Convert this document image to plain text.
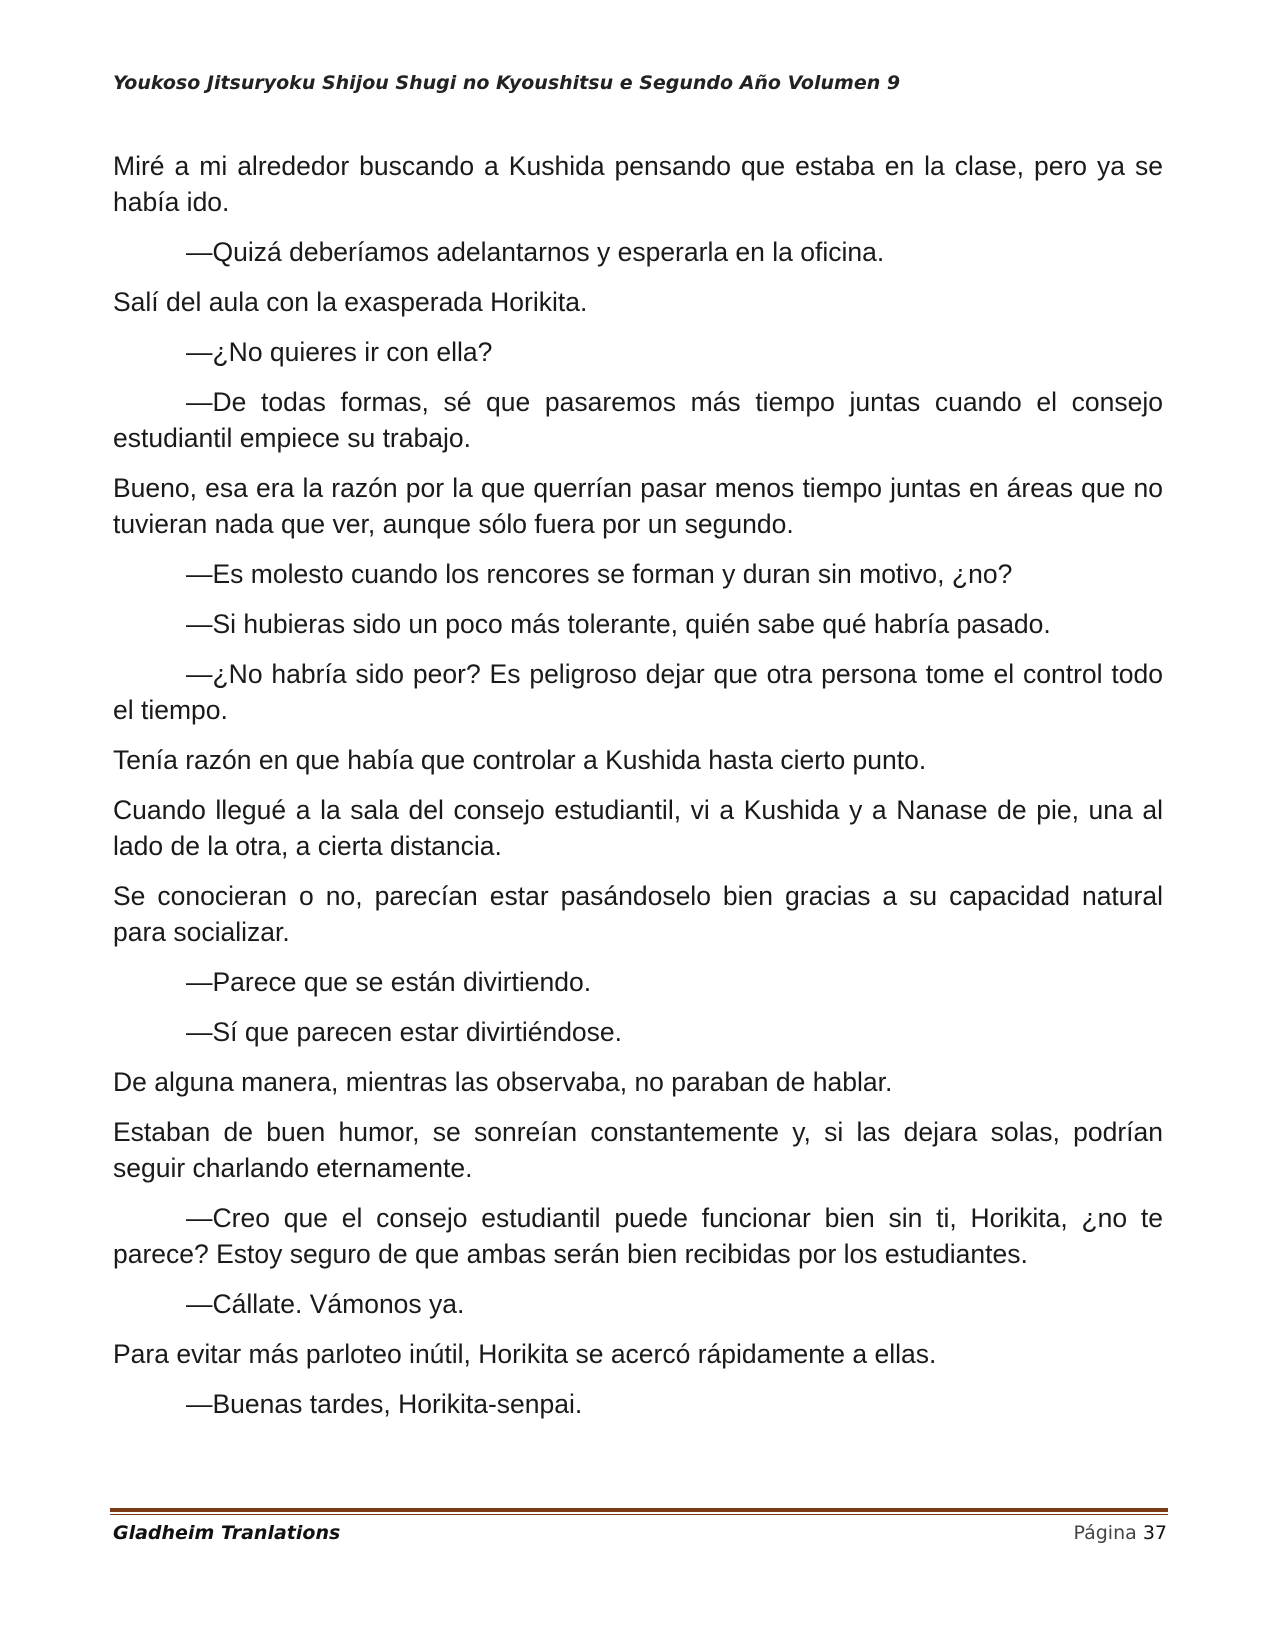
Youkoso Jitsuryoku Shijou Shugi no Kyoushitsu e Segundo Año Volumen 9

Miré a mi alrededor buscando a Kushida pensando que estaba en la clase, pero ya se había ido.

—Quizá deberíamos adelantarnos y esperarla en la oficina.

Salí del aula con la exasperada Horikita.

—¿No quieres ir con ella?

—De todas formas, sé que pasaremos más tiempo juntas cuando el consejo estudiantil empiece su trabajo.

Bueno, esa era la razón por la que querrían pasar menos tiempo juntas en áreas que no tuvieran nada que ver, aunque sólo fuera por un segundo.

—Es molesto cuando los rencores se forman y duran sin motivo, ¿no?

—Si hubieras sido un poco más tolerante, quién sabe qué habría pasado.

—¿No habría sido peor? Es peligroso dejar que otra persona tome el control todo el tiempo.

Tenía razón en que había que controlar a Kushida hasta cierto punto.

Cuando llegué a la sala del consejo estudiantil, vi a Kushida y a Nanase de pie, una al lado de la otra, a cierta distancia.

Se conocieran o no, parecían estar pasándoselo bien gracias a su capacidad natural para socializar.

—Parece que se están divirtiendo.

—Sí que parecen estar divirtiéndose.

De alguna manera, mientras las observaba, no paraban de hablar.

Estaban de buen humor, se sonreían constantemente y, si las dejara solas, podrían seguir charlando eternamente.

—Creo que el consejo estudiantil puede funcionar bien sin ti, Horikita, ¿no te parece? Estoy seguro de que ambas serán bien recibidas por los estudiantes.

—Cállate. Vámonos ya.

Para evitar más parloteo inútil, Horikita se acercó rápidamente a ellas.

—Buenas tardes, Horikita-senpai.

Gladheim Tranlations	Página 37
